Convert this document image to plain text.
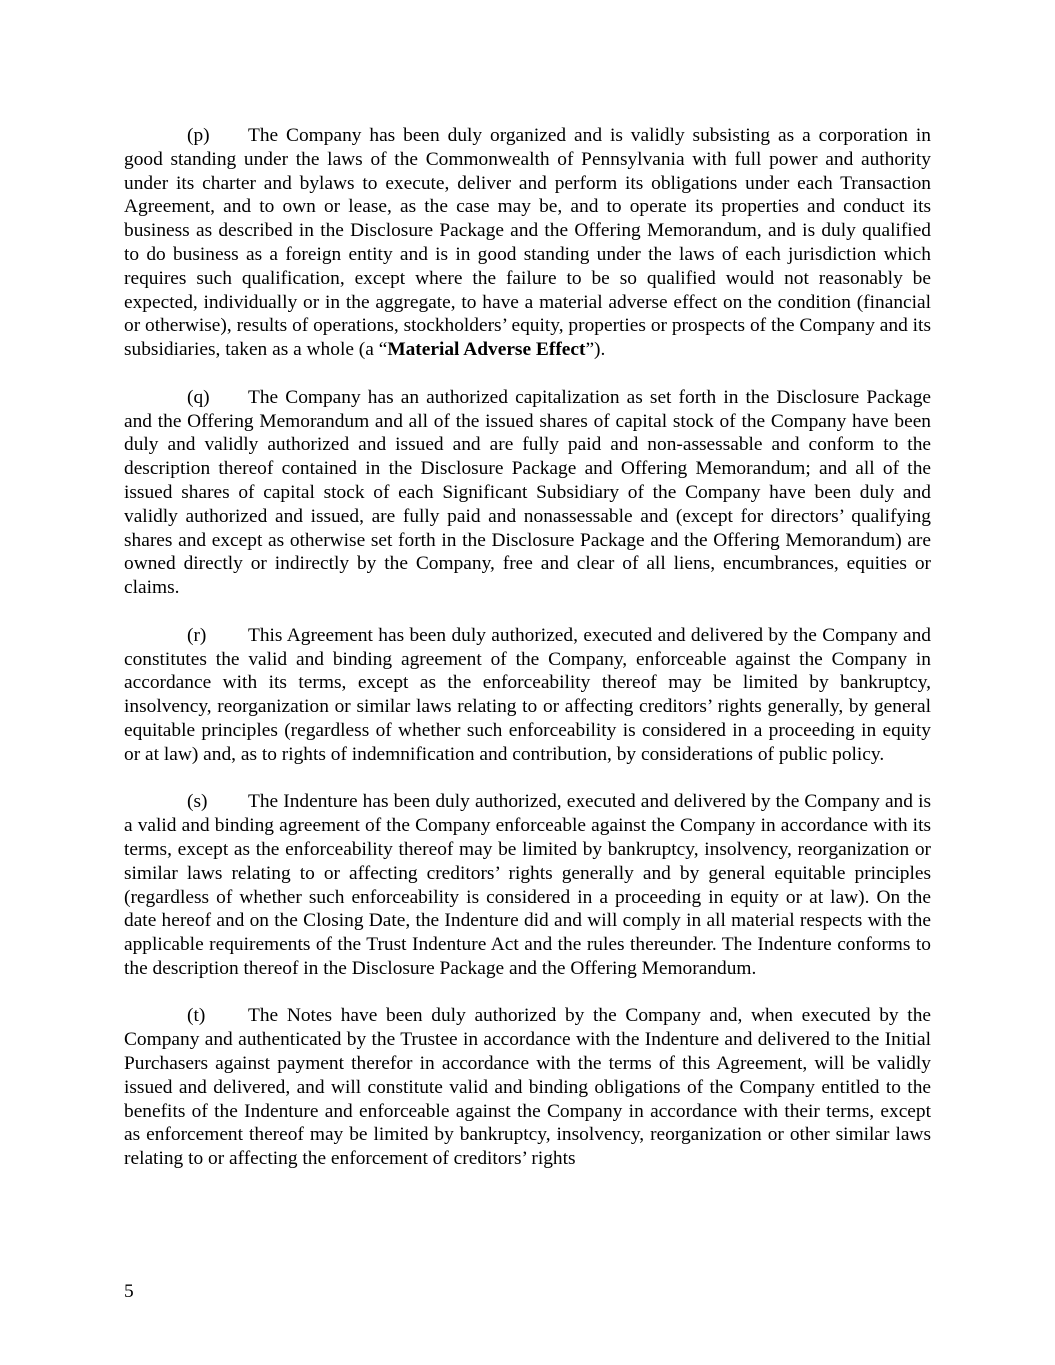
(p) The Company has been duly organized and is validly subsisting as a corporation in good standing under the laws of the Commonwealth of Pennsylvania with full power and authority under its charter and bylaws to execute, deliver and perform its obligations under each Transaction Agreement, and to own or lease, as the case may be, and to operate its properties and conduct its business as described in the Disclosure Package and the Offering Memorandum, and is duly qualified to do business as a foreign entity and is in good standing under the laws of each jurisdiction which requires such qualification, except where the failure to be so qualified would not reasonably be expected, individually or in the aggregate, to have a material adverse effect on the condition (financial or otherwise), results of operations, stockholders’ equity, properties or prospects of the Company and its subsidiaries, taken as a whole (a “Material Adverse Effect”).

(q) The Company has an authorized capitalization as set forth in the Disclosure Package and the Offering Memorandum and all of the issued shares of capital stock of the Company have been duly and validly authorized and issued and are fully paid and non-assessable and conform to the description thereof contained in the Disclosure Package and Offering Memorandum; and all of the issued shares of capital stock of each Significant Subsidiary of the Company have been duly and validly authorized and issued, are fully paid and nonassessable and (except for directors’ qualifying shares and except as otherwise set forth in the Disclosure Package and the Offering Memorandum) are owned directly or indirectly by the Company, free and clear of all liens, encumbrances, equities or claims.

(r) This Agreement has been duly authorized, executed and delivered by the Company and constitutes the valid and binding agreement of the Company, enforceable against the Company in accordance with its terms, except as the enforceability thereof may be limited by bankruptcy, insolvency, reorganization or similar laws relating to or affecting creditors’ rights generally, by general equitable principles (regardless of whether such enforceability is considered in a proceeding in equity or at law) and, as to rights of indemnification and contribution, by considerations of public policy.

(s) The Indenture has been duly authorized, executed and delivered by the Company and is a valid and binding agreement of the Company enforceable against the Company in accordance with its terms, except as the enforceability thereof may be limited by bankruptcy, insolvency, reorganization or similar laws relating to or affecting creditors’ rights generally and by general equitable principles (regardless of whether such enforceability is considered in a proceeding in equity or at law). On the date hereof and on the Closing Date, the Indenture did and will comply in all material respects with the applicable requirements of the Trust Indenture Act and the rules thereunder. The Indenture conforms to the description thereof in the Disclosure Package and the Offering Memorandum.

(t) The Notes have been duly authorized by the Company and, when executed by the Company and authenticated by the Trustee in accordance with the Indenture and delivered to the Initial Purchasers against payment therefor in accordance with the terms of this Agreement, will be validly issued and delivered, and will constitute valid and binding obligations of the Company entitled to the benefits of the Indenture and enforceable against the Company in accordance with their terms, except as enforcement thereof may be limited by bankruptcy, insolvency, reorganization or other similar laws relating to or affecting the enforcement of creditors’ rights

5
